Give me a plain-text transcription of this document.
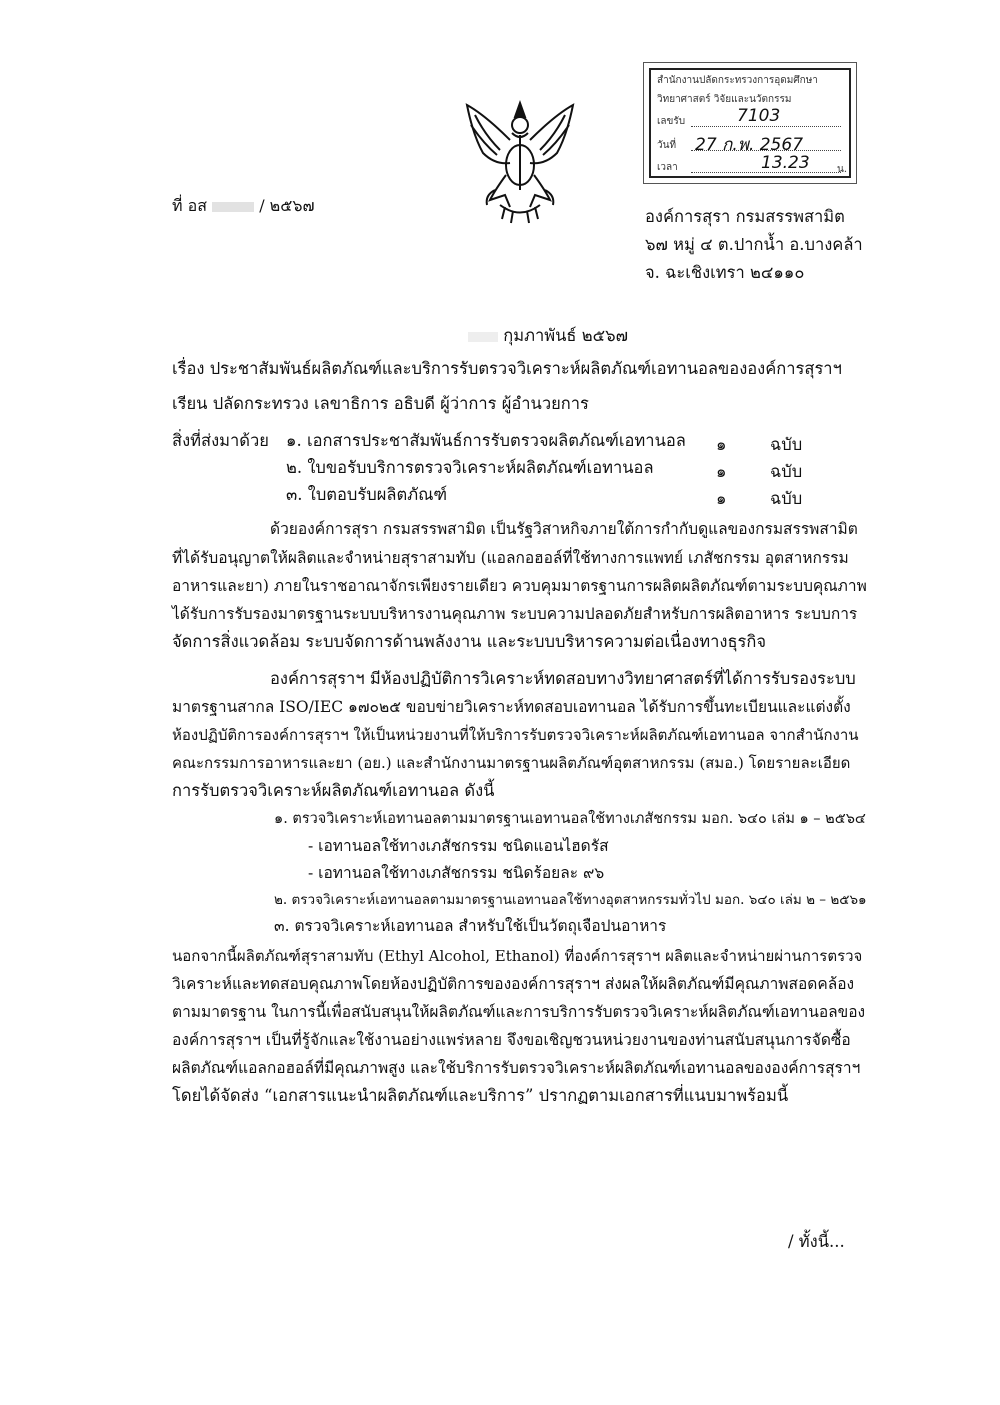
ที่ อส	/ ๒๕๖๗
สำนักงานปลัดกระทรวงการอุดมศึกษา
วิทยาศาสตร์ วิจัยและนวัตกรรม
เลขรับ	7103
วันที่ 27 ก.พ. 2567
เวลา	13.23	น.
องค์การสุรา กรมสรรพสามิต
๖๗ หมู่ ๔ ต.ปากน้ำ อ.บางคล้า
จ. ฉะเชิงเทรา ๒๔๑๑๐
กุมภาพันธ์ ๒๕๖๗
เรื่อง ประชาสัมพันธ์ผลิตภัณฑ์และบริการรับตรวจวิเคราะห์ผลิตภัณฑ์เอทานอลขององค์การสุราฯ
เรียน ปลัดกระทรวง เลขาธิการ อธิบดี ผู้ว่าการ ผู้อำนวยการ
สิ่งที่ส่งมาด้วย ๑. เอกสารประชาสัมพันธ์การรับตรวจผลิตภัณฑ์เอทานอล ๑	ฉบับ
๒. ใบขอรับบริการตรวจวิเคราะห์ผลิตภัณฑ์เอทานอล	๑	ฉบับ
๓. ใบตอบรับผลิตภัณฑ์	๑	ฉบับ
ด้วยองค์การสุรา กรมสรรพสามิต เป็นรัฐวิสาหกิจภายใต้การกำกับดูแลของกรมสรรพสามิต
ที่ได้รับอนุญาตให้ผลิตและจำหน่ายสุราสามทับ (แอลกอฮอล์ที่ใช้ทางการแพทย์ เภสัชกรรม อุตสาหกรรม
อาหารและยา) ภายในราชอาณาจักรเพียงรายเดียว ควบคุมมาตรฐานการผลิตผลิตภัณฑ์ตามระบบคุณภาพ
ได้รับการรับรองมาตรฐานระบบบริหารงานคุณภาพ ระบบความปลอดภัยสำหรับการผลิตอาหาร ระบบการ
จัดการสิ่งแวดล้อม ระบบจัดการด้านพลังงาน และระบบบริหารความต่อเนื่องทางธุรกิจ
องค์การสุราฯ มีห้องปฏิบัติการวิเคราะห์ทดสอบทางวิทยาศาสตร์ที่ได้การรับรองระบบ
มาตรฐานสากล ISO/IEC ๑๗๐๒๕ ขอบข่ายวิเคราะห์ทดสอบเอทานอล ได้รับการขึ้นทะเบียนและแต่งตั้ง
ห้องปฏิบัติการองค์การสุราฯ ให้เป็นหน่วยงานที่ให้บริการรับตรวจวิเคราะห์ผลิตภัณฑ์เอทานอล จากสำนักงาน
คณะกรรมการอาหารและยา (อย.) และสำนักงานมาตรฐานผลิตภัณฑ์อุตสาหกรรม (สมอ.) โดยรายละเอียด
การรับตรวจวิเคราะห์ผลิตภัณฑ์เอทานอล ดังนี้
๑. ตรวจวิเคราะห์เอทานอลตามมาตรฐานเอทานอลใช้ทางเภสัชกรรม มอก. ๖๔๐ เล่ม ๑ – ๒๕๖๔
- เอทานอลใช้ทางเภสัชกรรม ชนิดแอนไฮดรัส
- เอทานอลใช้ทางเภสัชกรรม ชนิดร้อยละ ๙๖
๒. ตรวจวิเคราะห์เอทานอลตามมาตรฐานเอทานอลใช้ทางอุตสาหกรรมทั่วไป มอก. ๖๔๐ เล่ม ๒ – ๒๕๖๑
๓. ตรวจวิเคราะห์เอทานอล สำหรับใช้เป็นวัตถุเจือปนอาหาร
นอกจากนี้ผลิตภัณฑ์สุราสามทับ (Ethyl Alcohol, Ethanol) ที่องค์การสุราฯ ผลิตและจำหน่ายผ่านการตรวจ
วิเคราะห์และทดสอบคุณภาพโดยห้องปฏิบัติการขององค์การสุราฯ ส่งผลให้ผลิตภัณฑ์มีคุณภาพสอดคล้อง
ตามมาตรฐาน ในการนี้เพื่อสนับสนุนให้ผลิตภัณฑ์และการบริการรับตรวจวิเคราะห์ผลิตภัณฑ์เอทานอลของ
องค์การสุราฯ เป็นที่รู้จักและใช้งานอย่างแพร่หลาย จึงขอเชิญชวนหน่วยงานของท่านสนับสนุนการจัดซื้อ
ผลิตภัณฑ์แอลกอฮอล์ที่มีคุณภาพสูง และใช้บริการรับตรวจวิเคราะห์ผลิตภัณฑ์เอทานอลขององค์การสุราฯ
โดยได้จัดส่ง “เอกสารแนะนำผลิตภัณฑ์และบริการ” ปรากฏตามเอกสารที่แนบมาพร้อมนี้
/ ทั้งนี้...
